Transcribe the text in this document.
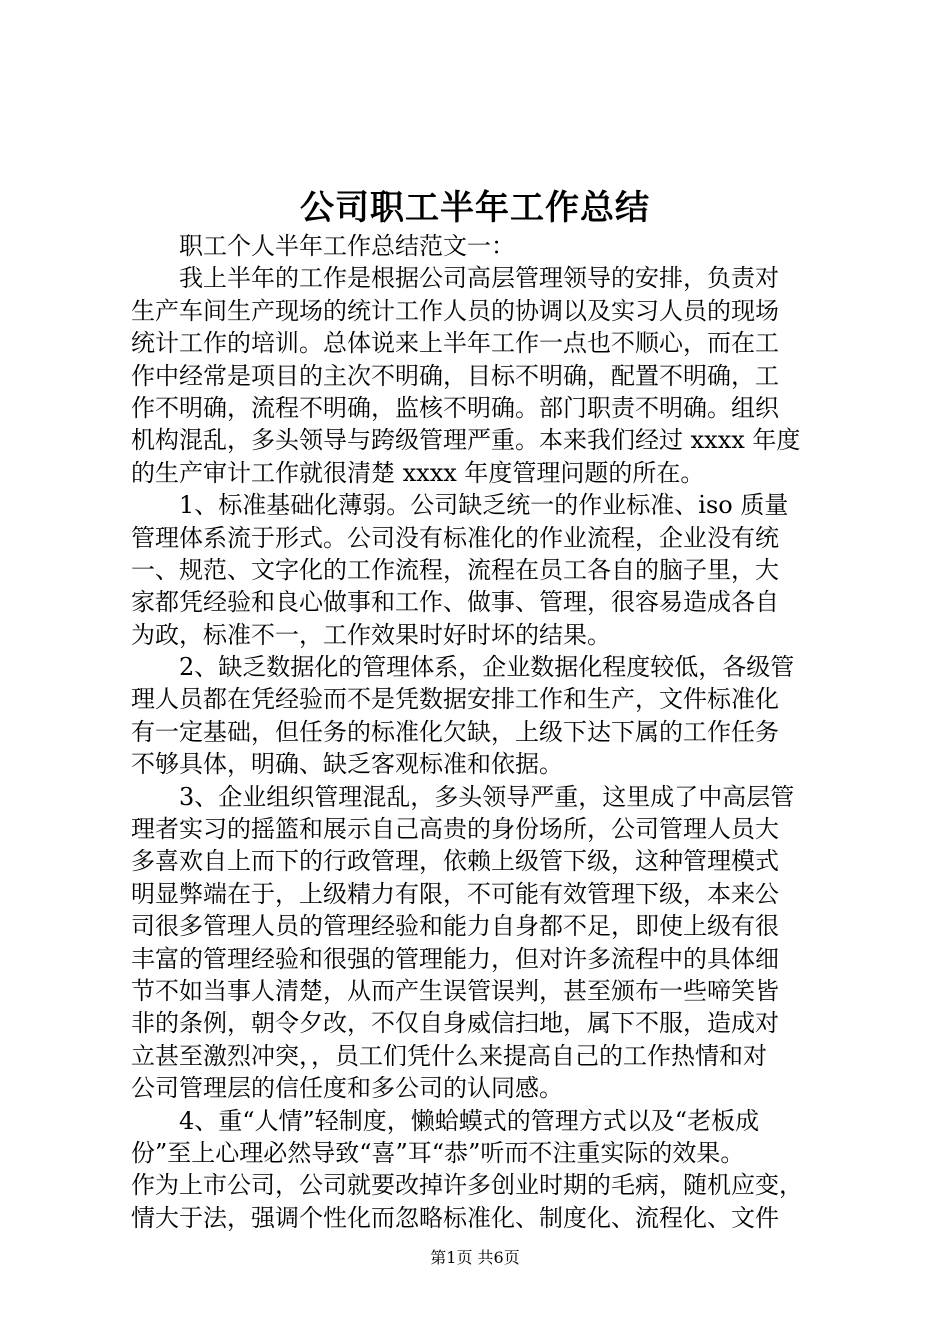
公司职工半年工作总结
职工个人半年工作总结范文一：
我上半年的工作是根据公司高层管理领导的安排，负责对
生产车间生产现场的统计工作人员的协调以及实习人员的现场
统计工作的培训。总体说来上半年工作一点也不顺心，而在工
作中经常是项目的主次不明确，目标不明确，配置不明确，工
作不明确，流程不明确，监核不明确。部门职责不明确。组织
机构混乱，多头领导与跨级管理严重。本来我们经过 xxxx 年度
的生产审计工作就很清楚 xxxx 年度管理问题的所在。
1、标准基础化薄弱。公司缺乏统一的作业标准、iso 质量
管理体系流于形式。公司没有标准化的作业流程，企业没有统
一、规范、文字化的工作流程，流程在员工各自的脑子里，大
家都凭经验和良心做事和工作、做事、管理，很容易造成各自
为政，标准不一，工作效果时好时坏的结果。
2、缺乏数据化的管理体系，企业数据化程度较低，各级管
理人员都在凭经验而不是凭数据安排工作和生产，文件标准化
有一定基础，但任务的标准化欠缺，上级下达下属的工作任务
不够具体，明确、缺乏客观标准和依据。
3、企业组织管理混乱，多头领导严重，这里成了中高层管
理者实习的摇篮和展示自己高贵的身份场所，公司管理人员大
多喜欢自上而下的行政管理，依赖上级管下级，这种管理模式
明显弊端在于，上级精力有限，不可能有效管理下级，本来公
司很多管理人员的管理经验和能力自身都不足，即使上级有很
丰富的管理经验和很强的管理能力，但对许多流程中的具体细
节不如当事人清楚，从而产生误管误判，甚至颁布一些啼笑皆
非的条例，朝令夕改，不仅自身威信扫地，属下不服，造成对
立甚至激烈冲突，，员工们凭什么来提高自己的工作热情和对
公司管理层的信任度和多公司的认同感。
4、重“人情”轻制度，懒蛤蟆式的管理方式以及“老板成
份”至上心理必然导致“喜”耳“恭”听而不注重实际的效果。
作为上市公司，公司就要改掉许多创业时期的毛病，随机应变，
情大于法，强调个性化而忽略标准化、制度化、流程化、文件
第1页 共6页
